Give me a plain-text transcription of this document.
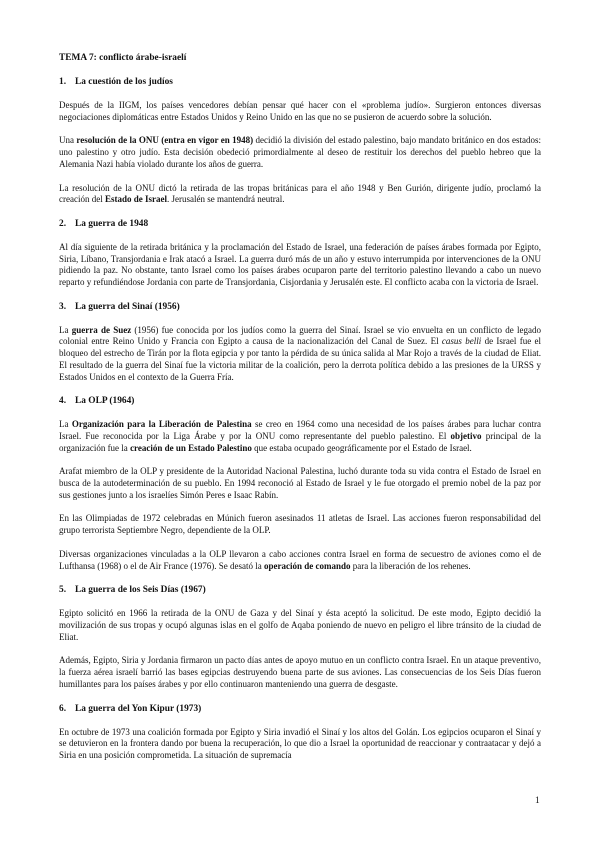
TEMA 7: conflicto árabe-israelí
1. La cuestión de los judíos

Después de la IIGM, los países vencedores debían pensar qué hacer con el «problema judío». Surgieron entonces diversas negociaciones diplomáticas entre Estados Unidos y Reino Unido en las que no se pusieron de acuerdo sobre la solución.

Una resolución de la ONU (entra en vigor en 1948) decidió la división del estado palestino, bajo mandato británico en dos estados: uno palestino y otro judío. Esta decisión obedeció primordialmente al deseo de restituir los derechos del pueblo hebreo que la Alemania Nazi había violado durante los años de guerra.

La resolución de la ONU dictó la retirada de las tropas británicas para el año 1948 y Ben Gurión, dirigente judío, proclamó la creación del Estado de Israel. Jerusalén se mantendrá neutral.

2. La guerra de 1948

Al día siguiente de la retirada británica y la proclamación del Estado de Israel, una federación de países árabes formada por Egipto, Siria, Líbano, Transjordania e Irak atacó a Israel. La guerra duró más de un año y estuvo interrumpida por intervenciones de la ONU pidiendo la paz. No obstante, tanto Israel como los países árabes ocuparon parte del territorio palestino llevando a cabo un nuevo reparto y refundiéndose Jordania con parte de Transjordania, Cisjordania y Jerusalén este. El conflicto acaba con la victoria de Israel.

3. La guerra del Sinaí (1956)

La guerra de Suez (1956) fue conocida por los judíos como la guerra del Sinaí. Israel se vio envuelta en un conflicto de legado colonial entre Reino Unido y Francia con Egipto a causa de la nacionalización del Canal de Suez. El casus belli de Israel fue el bloqueo del estrecho de Tirán por la flota egipcia y por tanto la pérdida de su única salida al Mar Rojo a través de la ciudad de Eliat. El resultado de la guerra del Sinaí fue la victoria militar de la coalición, pero la derrota política debido a las presiones de la URSS y Estados Unidos en el contexto de la Guerra Fría.

4. La OLP (1964)

La Organización para la Liberación de Palestina se creo en 1964 como una necesidad de los países árabes para luchar contra Israel. Fue reconocida por la Liga Árabe y por la ONU como representante del pueblo palestino. El objetivo principal de la organización fue la creación de un Estado Palestino que estaba ocupado geográficamente por el Estado de Israel.

Arafat miembro de la OLP y presidente de la Autoridad Nacional Palestina, luchó durante toda su vida contra el Estado de Israel en busca de la autodeterminación de su pueblo. En 1994 reconoció al Estado de Israel y le fue otorgado el premio nobel de la paz por sus gestiones junto a los israelíes Simón Peres e Isaac Rabín.

En las Olimpiadas de 1972 celebradas en Múnich fueron asesinados 11 atletas de Israel. Las acciones fueron responsabilidad del grupo terrorista Septiembre Negro, dependiente de la OLP.

Diversas organizaciones vinculadas a la OLP llevaron a cabo acciones contra Israel en forma de secuestro de aviones como el de Lufthansa (1968) o el de Air France (1976). Se desató la operación de comando para la liberación de los rehenes.

5. La guerra de los Seis Días (1967)

Egipto solicitó en 1966 la retirada de la ONU de Gaza y del Sinaí y ésta aceptó la solicitud. De este modo, Egipto decidió la movilización de sus tropas y ocupó algunas islas en el golfo de Aqaba poniendo de nuevo en peligro el libre tránsito de la ciudad de Eliat.

Además, Egipto, Siria y Jordania firmaron un pacto días antes de apoyo mutuo en un conflicto contra Israel. En un ataque preventivo, la fuerza aérea israelí barrió las bases egipcias destruyendo buena parte de sus aviones. Las consecuencias de los Seis Días fueron humillantes para los países árabes y por ello continuaron manteniendo una guerra de desgaste.

6. La guerra del Yon Kipur (1973)

En octubre de 1973 una coalición formada por Egipto y Siria invadió el Sinaí y los altos del Golán. Los egipcios ocuparon el Sinaí y se detuvieron en la frontera dando por buena la recuperación, lo que dio a Israel la oportunidad de reaccionar y contraatacar y dejó a Siria en una posición comprometida. La situación de supremacía

1
